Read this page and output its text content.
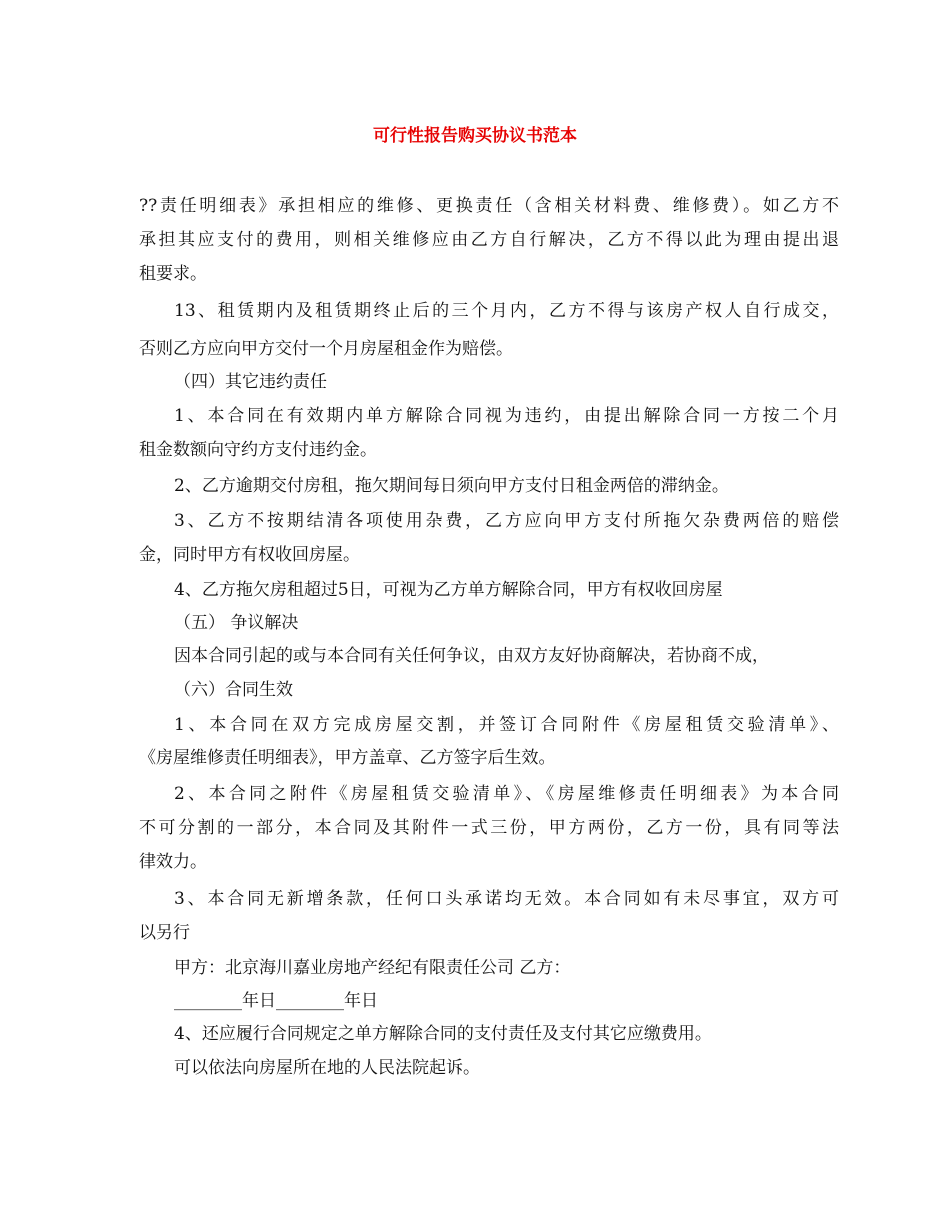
可行性报告购买协议书范本

??责任明细表》承担相应的维修、更换责任（含相关材料费、维修费）。如乙方不

承担其应支付的费用，则相关维修应由乙方自行解决，乙方不得以此为理由提出退

租要求。

13、租赁期内及租赁期终止后的三个月内，乙方不得与该房产权人自行成交，

否则乙方应向甲方交付一个月房屋租金作为赔偿。

（四）其它违约责任

1、本合同在有效期内单方解除合同视为违约，由提出解除合同一方按二个月

租金数额向守约方支付违约金。

2、乙方逾期交付房租，拖欠期间每日须向甲方支付日租金两倍的滞纳金。

3、乙方不按期结清各项使用杂费，乙方应向甲方支付所拖欠杂费两倍的赔偿

金，同时甲方有权收回房屋。

4、乙方拖欠房租超过5日，可视为乙方单方解除合同，甲方有权收回房屋

（五） 争议解决

因本合同引起的或与本合同有关任何争议，由双方友好协商解决，若协商不成，

（六）合同生效

1、本合同在双方完成房屋交割，并签订合同附件《房屋租赁交验清单》、

《房屋维修责任明细表》，甲方盖章、乙方签字后生效。

2、本合同之附件《房屋租赁交验清单》、《房屋维修责任明细表》为本合同

不可分割的一部分，本合同及其附件一式三份，甲方两份，乙方一份，具有同等法

律效力。

3、本合同无新增条款，任何口头承诺均无效。本合同如有未尽事宜，双方可

以另行

甲方：北京海川嘉业房地产经纪有限责任公司 乙方：

________年日________年日

4、还应履行合同规定之单方解除合同的支付责任及支付其它应缴费用。

可以依法向房屋所在地的人民法院起诉。
